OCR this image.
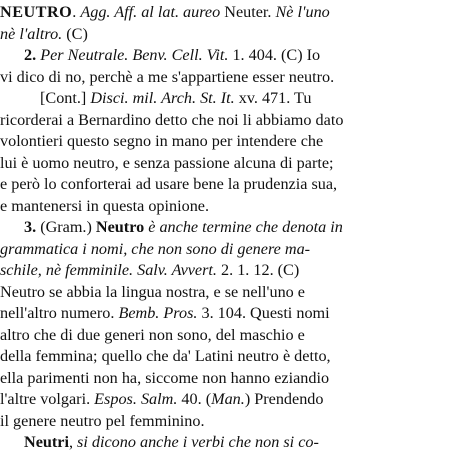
NEUTRO. Agg. Aff. al lat. aureo Neuter. Nè l'uno
nè l'altro. (C)
2. Per Neutrale. Benv. Cell. Vit. 1. 404. (C) Io
vi dico di no, perchè a me s'appartiene esser neutro.
[Cont.] Disci. mil. Arch. St. It. xv. 471. Tu
ricorderai a Bernardino detto che noi li abbiamo dato
volontieri questo segno in mano per intendere che
lui è uomo neutro, e senza passione alcuna di parte;
e però lo conforterai ad usare bene la prudenzia sua,
e mantenersi in questa opinione.
3. (Gram.) Neutro è anche termine che denota in
grammatica i nomi, che non sono di genere ma-
schile, nè femminile. Salv. Avvert. 2. 1. 12. (C)
Neutro se abbia la lingua nostra, e se nell'uno e
nell'altro numero. Bemb. Pros. 3. 104. Questi nomi
altro che di due generi non sono, del maschio e
della femmina; quello che da' Latini neutro è detto,
ella parimenti non ha, siccome non hanno eziandio
l'altre volgari. Espos. Salm. 40. (Man.) Prendendo
il genere neutro pel femminino.
Neutri, si dicono anche i verbi che non si co-
